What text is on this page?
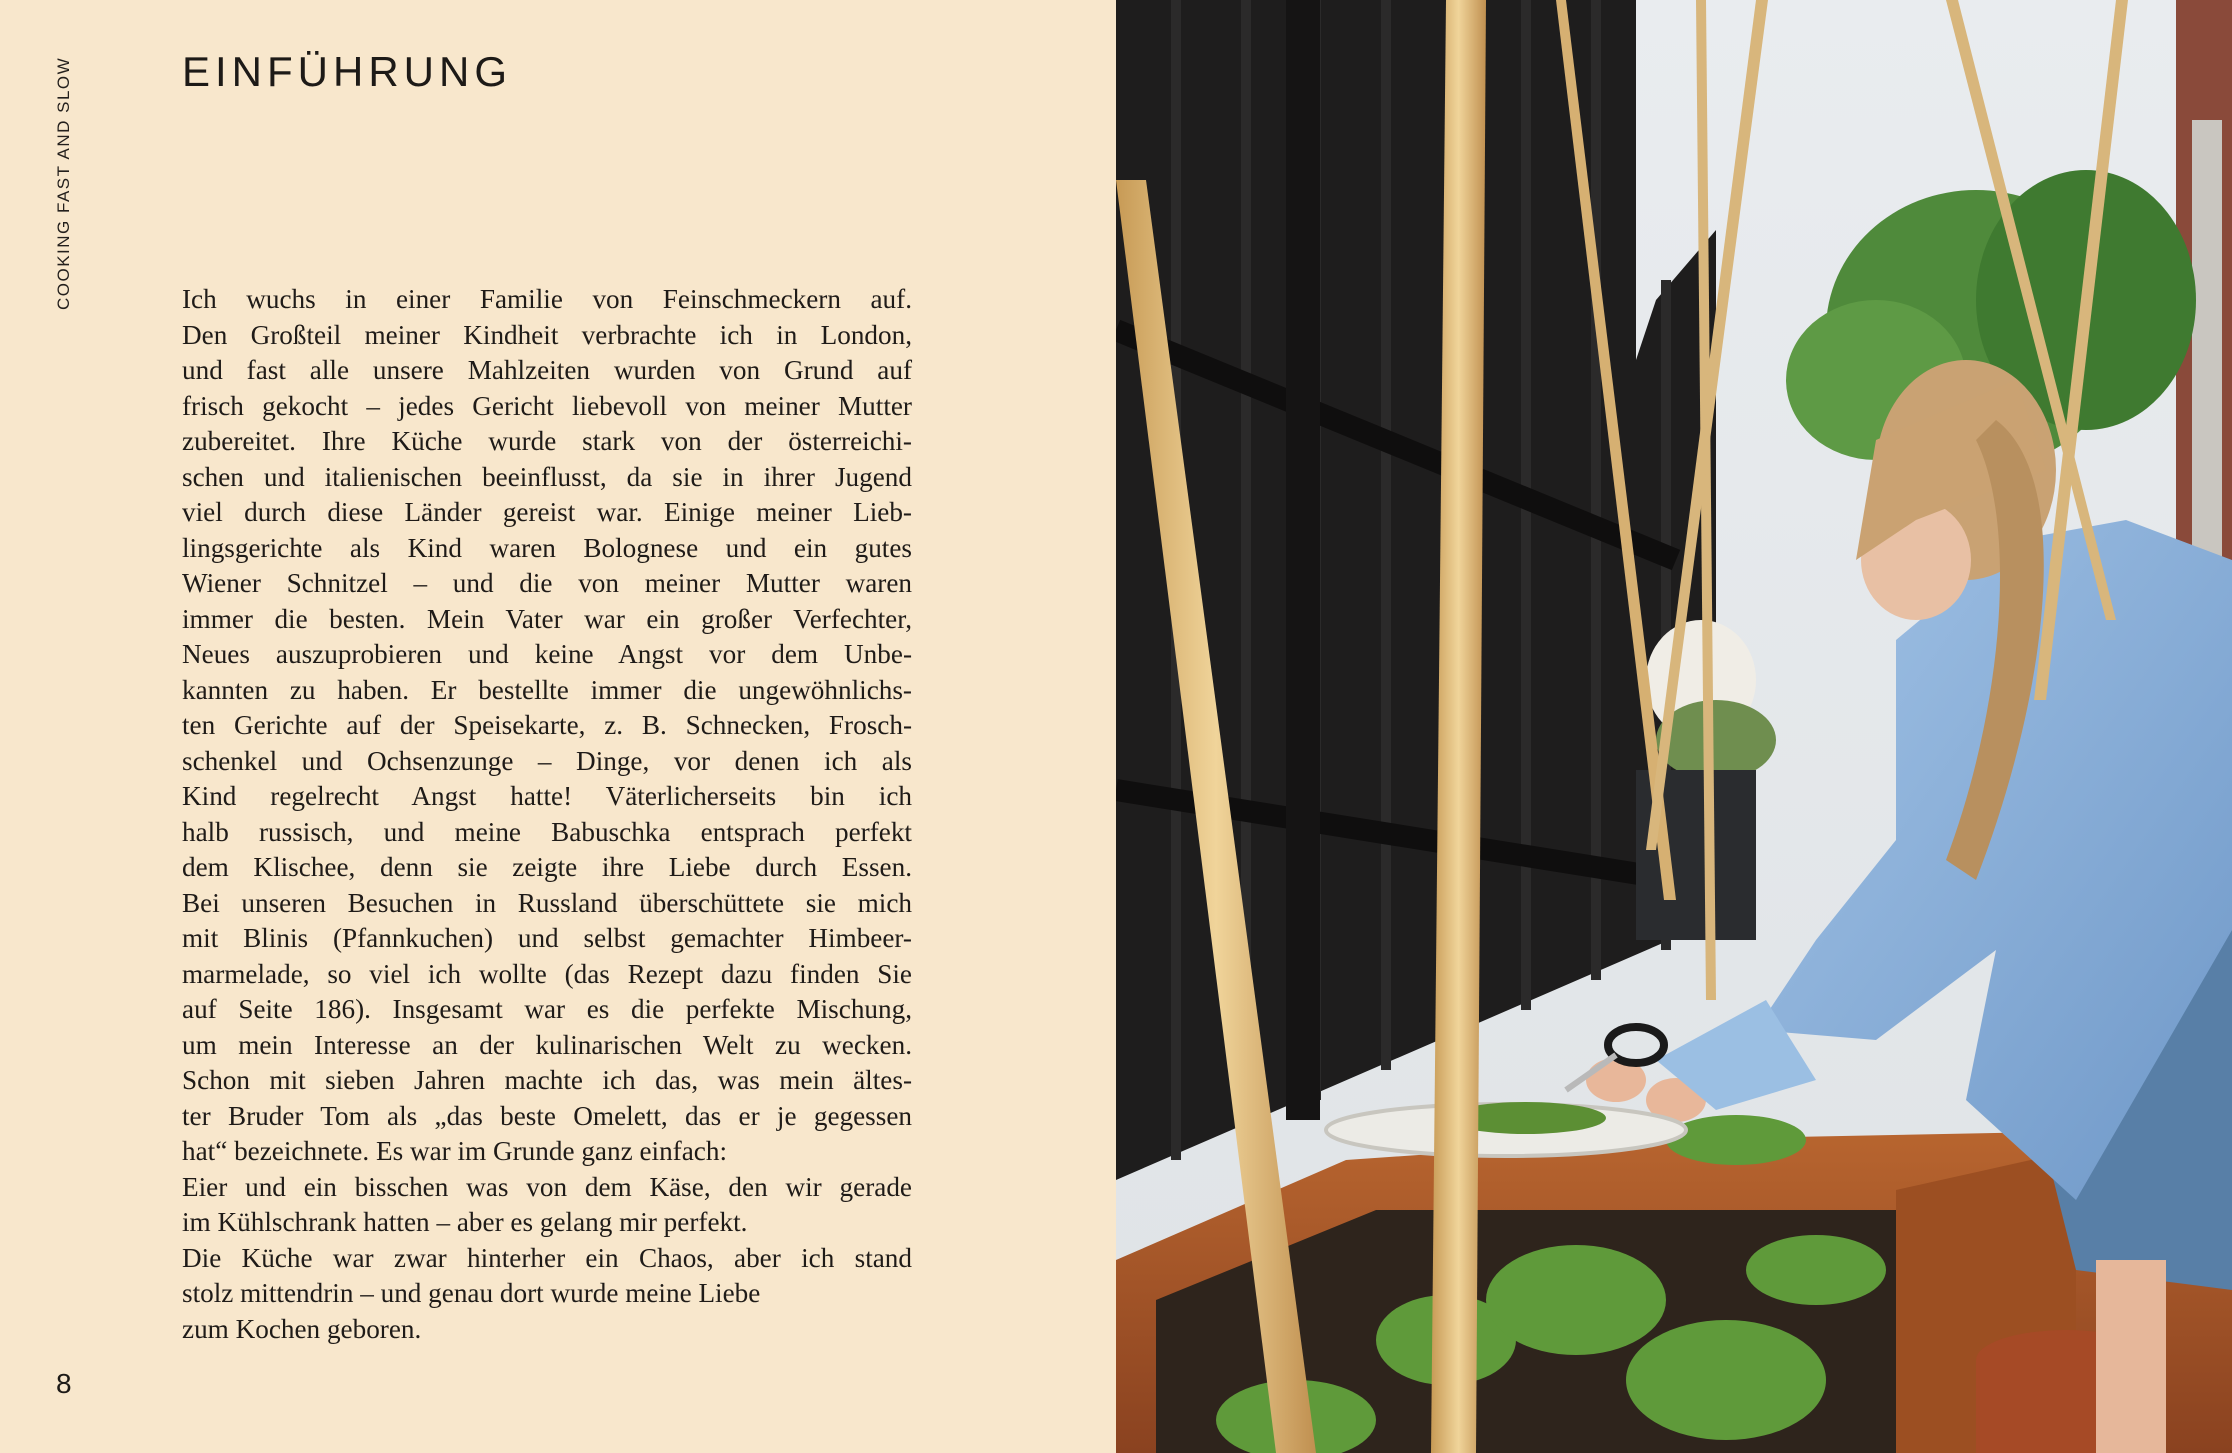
COOKING FAST AND SLOW	EINFÜHRUNG

Ich wuchs in einer Familie von Feinschmeckern auf.
Den Großteil meiner Kindheit verbrachte ich in London,
und fast alle unsere Mahlzeiten wurden von Grund auf
frisch gekocht – jedes Gericht liebevoll von meiner Mutter
zubereitet. Ihre Küche wurde stark von der österreichi-
schen und italienischen beeinflusst, da sie in ihrer Jugend
viel durch diese Länder gereist war. Einige meiner Lieb-
lingsgerichte als Kind waren Bolognese und ein gutes
Wiener Schnitzel – und die von meiner Mutter waren
immer die besten. Mein Vater war ein großer Verfechter,
Neues auszuprobieren und keine Angst vor dem Unbe-
kannten zu haben. Er bestellte immer die ungewöhnlichs-
ten Gerichte auf der Speisekarte, z. B. Schnecken, Frosch-
schenkel und Ochsenzunge – Dinge, vor denen ich als
Kind regelrecht Angst hatte! Väterlicherseits bin ich
halb russisch, und meine Babuschka entsprach perfekt
dem Klischee, denn sie zeigte ihre Liebe durch Essen.
Bei unseren Besuchen in Russland überschüttete sie mich
mit Blinis (Pfannkuchen) und selbst gemachter Himbeer-
marmelade, so viel ich wollte (das Rezept dazu finden Sie
auf Seite 186). Insgesamt war es die perfekte Mischung,
um mein Interesse an der kulinarischen Welt zu wecken.
Schon mit sieben Jahren machte ich das, was mein ältes-
ter Bruder Tom als „das beste Omelett, das er je gegessen
hat“ bezeichnete. Es war im Grunde ganz einfach:
Eier und ein bisschen was von dem Käse, den wir gerade
im Kühlschrank hatten – aber es gelang mir perfekt.
Die Küche war zwar hinterher ein Chaos, aber ich stand
stolz mittendrin – und genau dort wurde meine Liebe
zum Kochen geboren.

8
